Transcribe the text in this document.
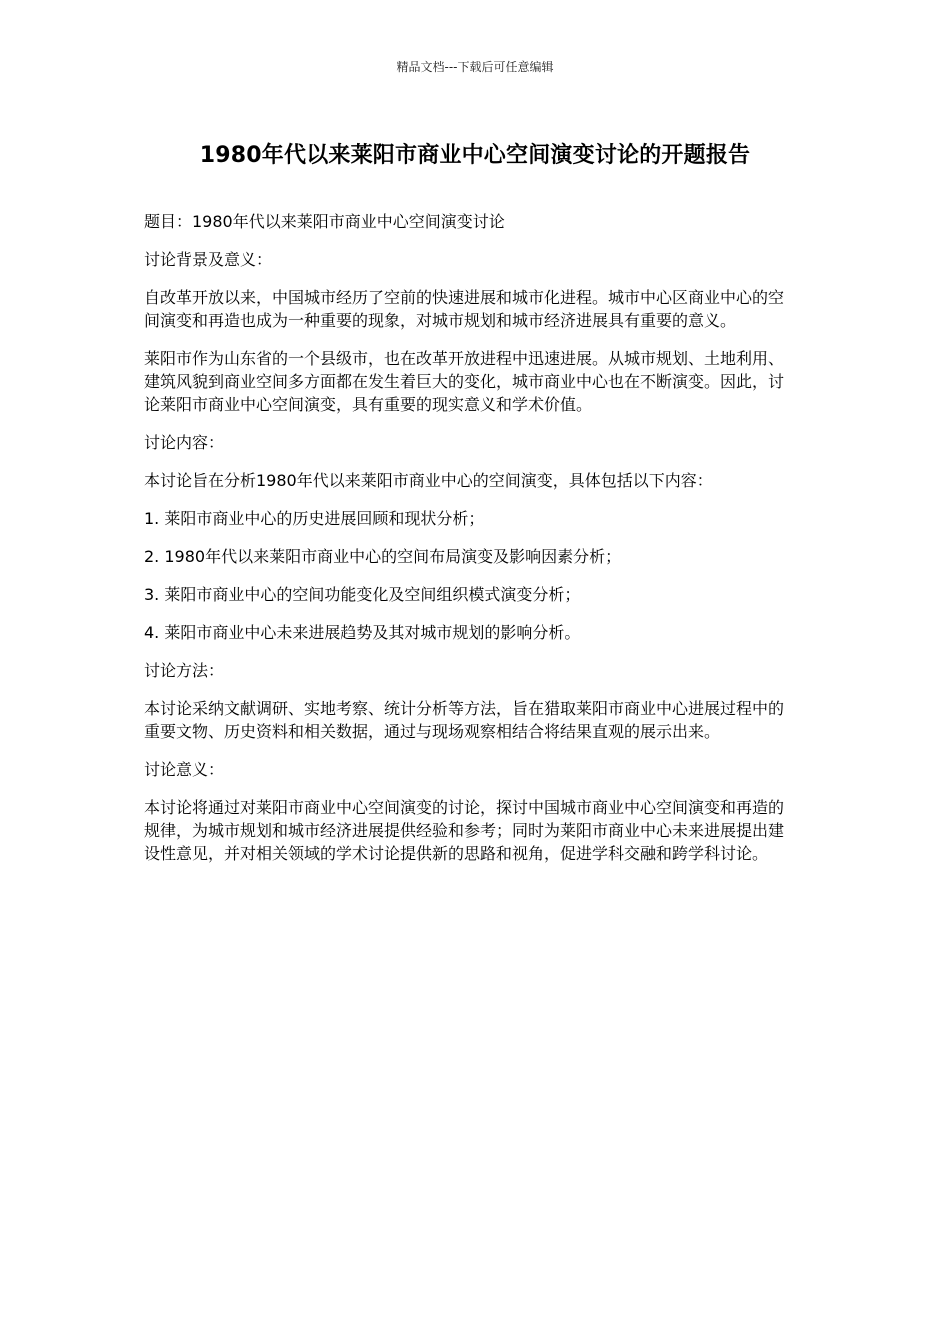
精品文档---下载后可任意编辑
1980年代以来莱阳市商业中心空间演变讨论的开题报告

题目：1980年代以来莱阳市商业中心空间演变讨论

讨论背景及意义：

自改革开放以来，中国城市经历了空前的快速进展和城市化进程。城市中心区商业中心的空间演变和再造也成为一种重要的现象，对城市规划和城市经济进展具有重要的意义。

莱阳市作为山东省的一个县级市，也在改革开放进程中迅速进展。从城市规划、土地利用、建筑风貌到商业空间多方面都在发生着巨大的变化，城市商业中心也在不断演变。因此，讨论莱阳市商业中心空间演变，具有重要的现实意义和学术价值。

讨论内容：

本讨论旨在分析1980年代以来莱阳市商业中心的空间演变，具体包括以下内容：

1. 莱阳市商业中心的历史进展回顾和现状分析；

2. 1980年代以来莱阳市商业中心的空间布局演变及影响因素分析；

3. 莱阳市商业中心的空间功能变化及空间组织模式演变分析；

4. 莱阳市商业中心未来进展趋势及其对城市规划的影响分析。

讨论方法：

本讨论采纳文献调研、实地考察、统计分析等方法，旨在猎取莱阳市商业中心进展过程中的重要文物、历史资料和相关数据，通过与现场观察相结合将结果直观的展示出来。

讨论意义：

本讨论将通过对莱阳市商业中心空间演变的讨论，探讨中国城市商业中心空间演变和再造的规律，为城市规划和城市经济进展提供经验和参考；同时为莱阳市商业中心未来进展提出建设性意见，并对相关领域的学术讨论提供新的思路和视角，促进学科交融和跨学科讨论。
